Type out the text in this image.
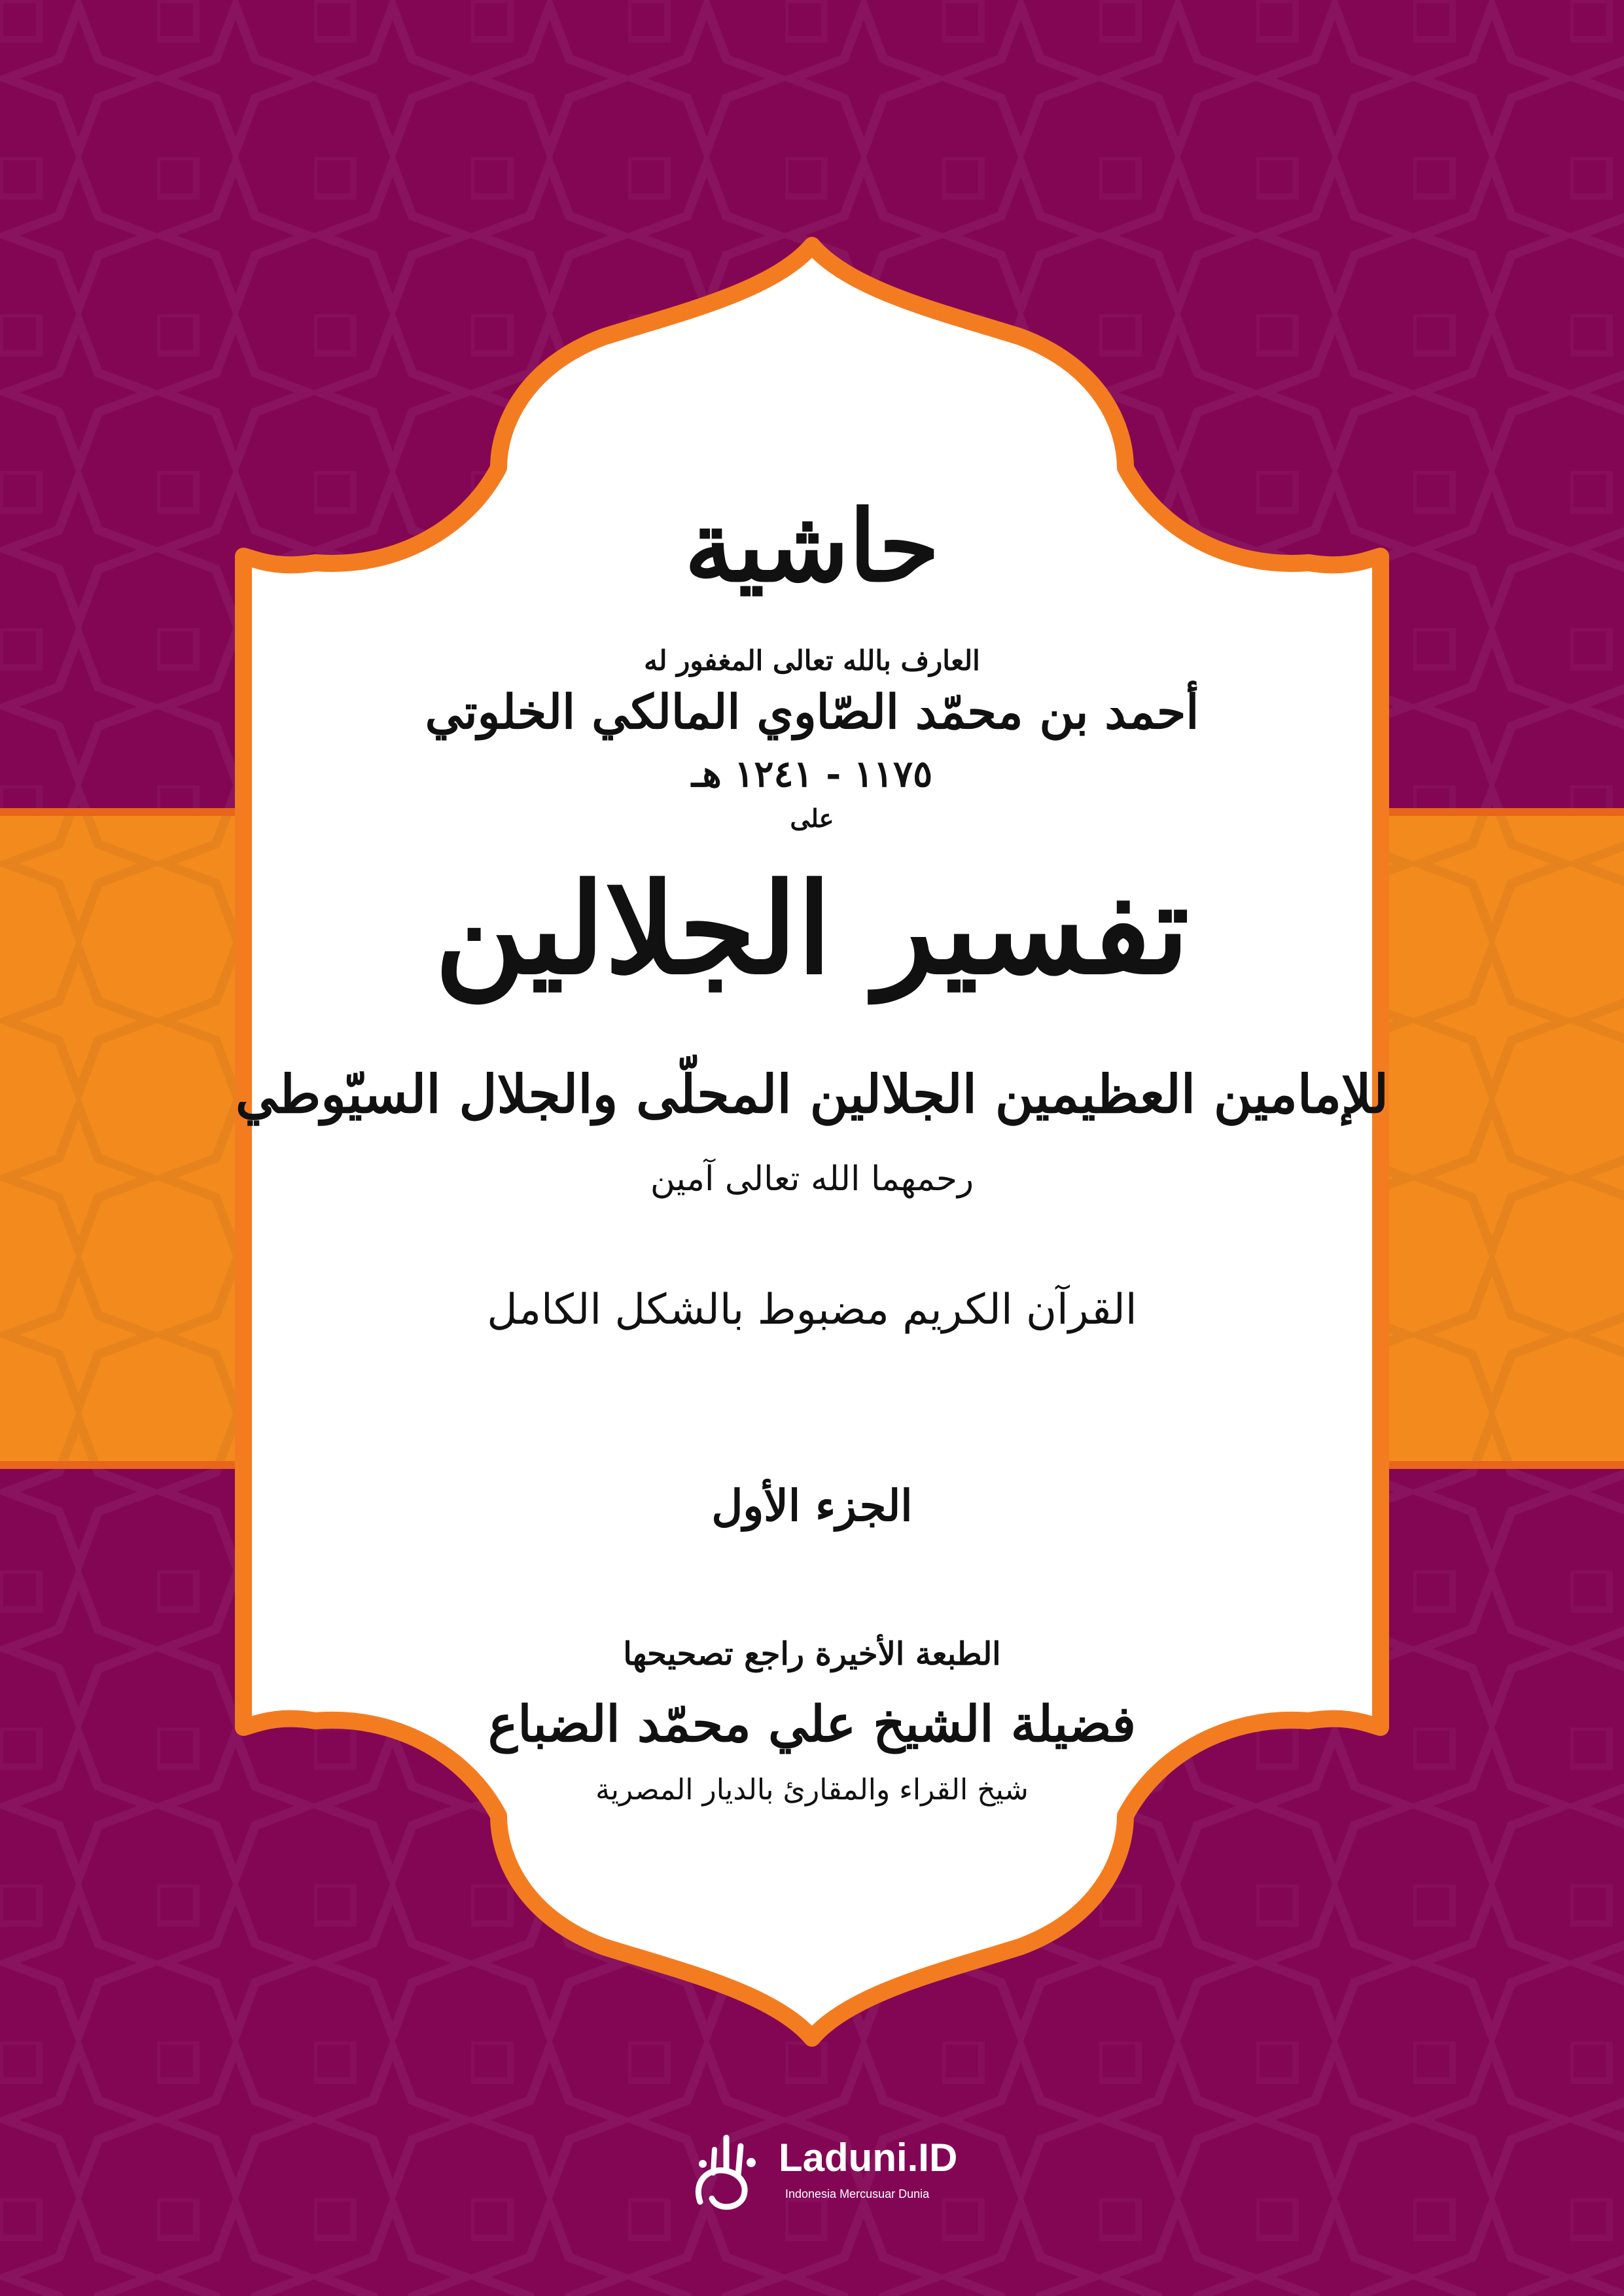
حاشية
العارف بالله تعالى المغفور له
أحمد بن محمّد الصّاوي المالكي الخلوتي
١١٧٥ - ١٢٤١ هـ
على
تفسير الجلالين
للإمامين العظيمين الجلالين المحلّى والجلال السيّوطي
رحمهما الله تعالى آمين
القرآن الكريم مضبوط بالشكل الكامل
الجزء الأول
الطبعة الأخيرة راجع تصحيحها
فضيلة الشيخ علي محمّد الضباع
شيخ القراء والمقارئ بالديار المصرية
Laduni.ID
Indonesia Mercusuar Dunia
